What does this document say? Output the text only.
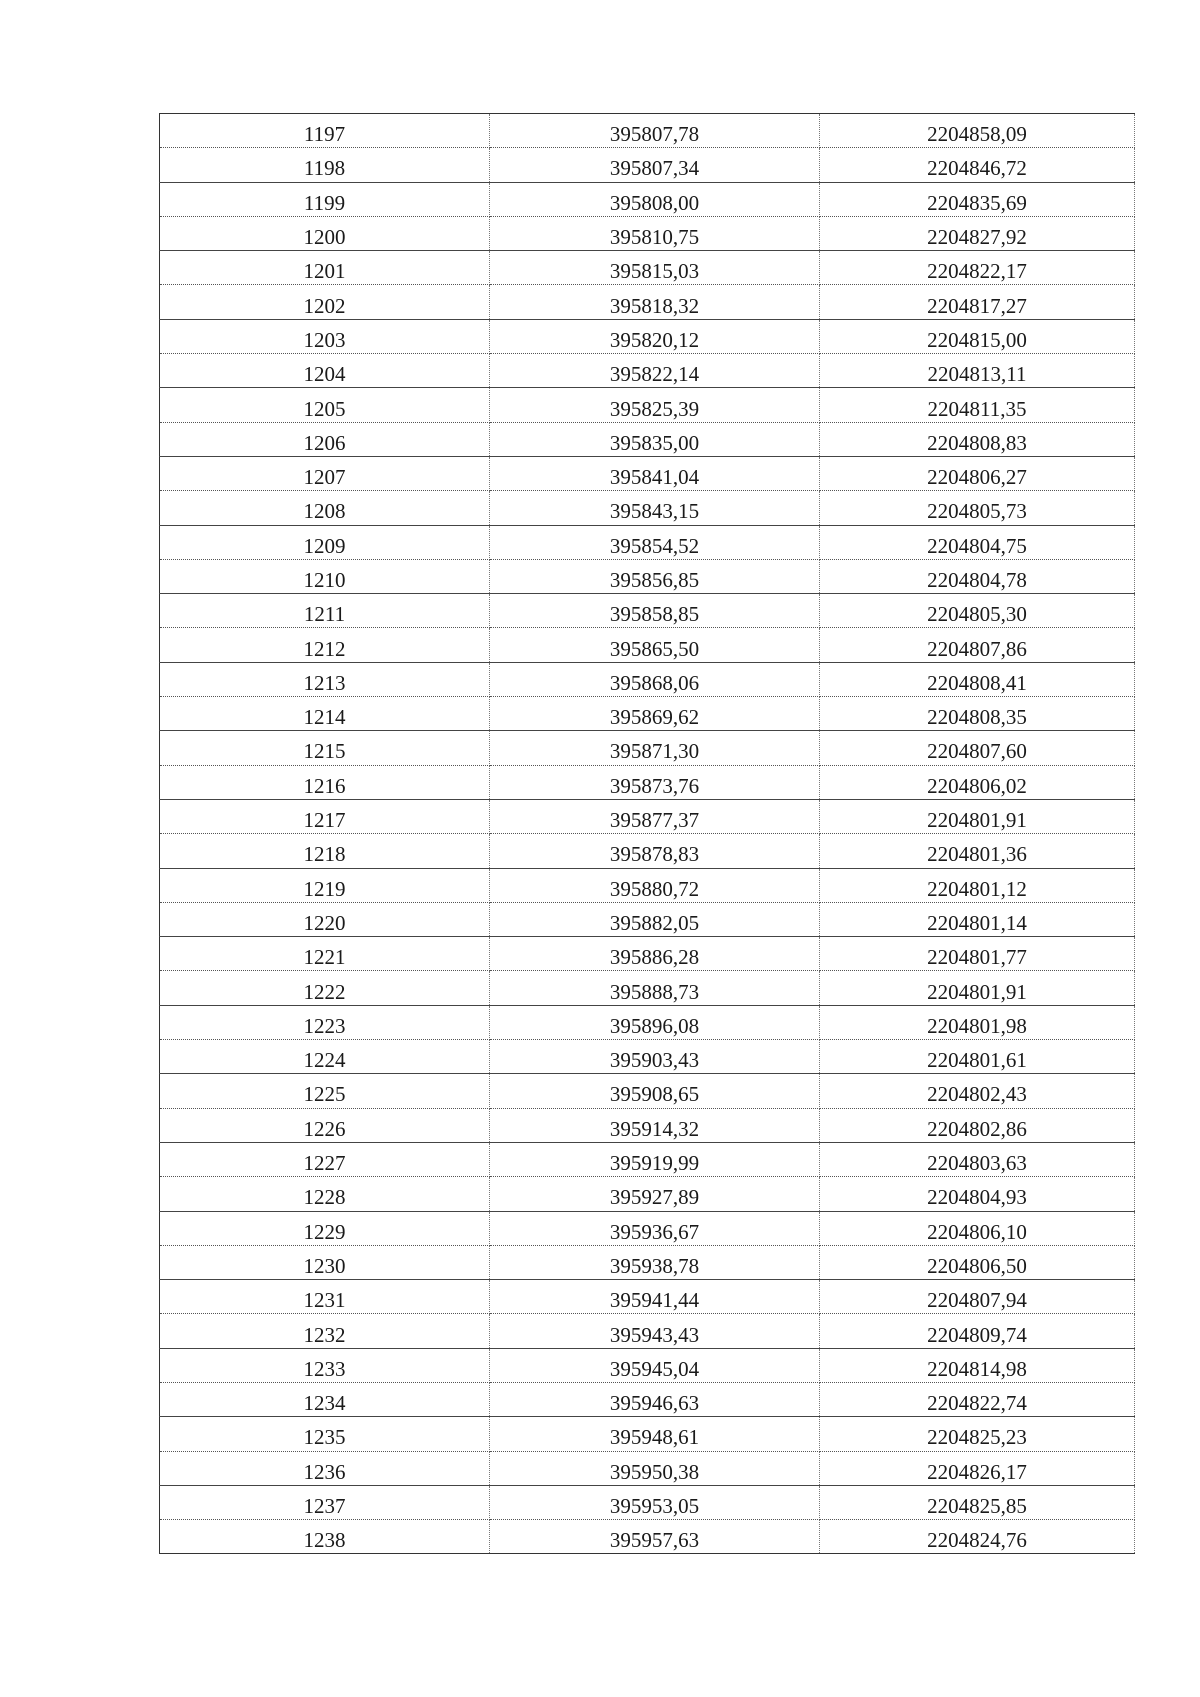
1197	395807,78	2204858,09
1198	395807,34	2204846,72
1199	395808,00	2204835,69
1200	395810,75	2204827,92
1201	395815,03	2204822,17
1202	395818,32	2204817,27
1203	395820,12	2204815,00
1204	395822,14	2204813,11
1205	395825,39	2204811,35
1206	395835,00	2204808,83
1207	395841,04	2204806,27
1208	395843,15	2204805,73
1209	395854,52	2204804,75
1210	395856,85	2204804,78
1211	395858,85	2204805,30
1212	395865,50	2204807,86
1213	395868,06	2204808,41
1214	395869,62	2204808,35
1215	395871,30	2204807,60
1216	395873,76	2204806,02
1217	395877,37	2204801,91
1218	395878,83	2204801,36
1219	395880,72	2204801,12
1220	395882,05	2204801,14
1221	395886,28	2204801,77
1222	395888,73	2204801,91
1223	395896,08	2204801,98
1224	395903,43	2204801,61
1225	395908,65	2204802,43
1226	395914,32	2204802,86
1227	395919,99	2204803,63
1228	395927,89	2204804,93
1229	395936,67	2204806,10
1230	395938,78	2204806,50
1231	395941,44	2204807,94
1232	395943,43	2204809,74
1233	395945,04	2204814,98
1234	395946,63	2204822,74
1235	395948,61	2204825,23
1236	395950,38	2204826,17
1237	395953,05	2204825,85
1238	395957,63	2204824,76
